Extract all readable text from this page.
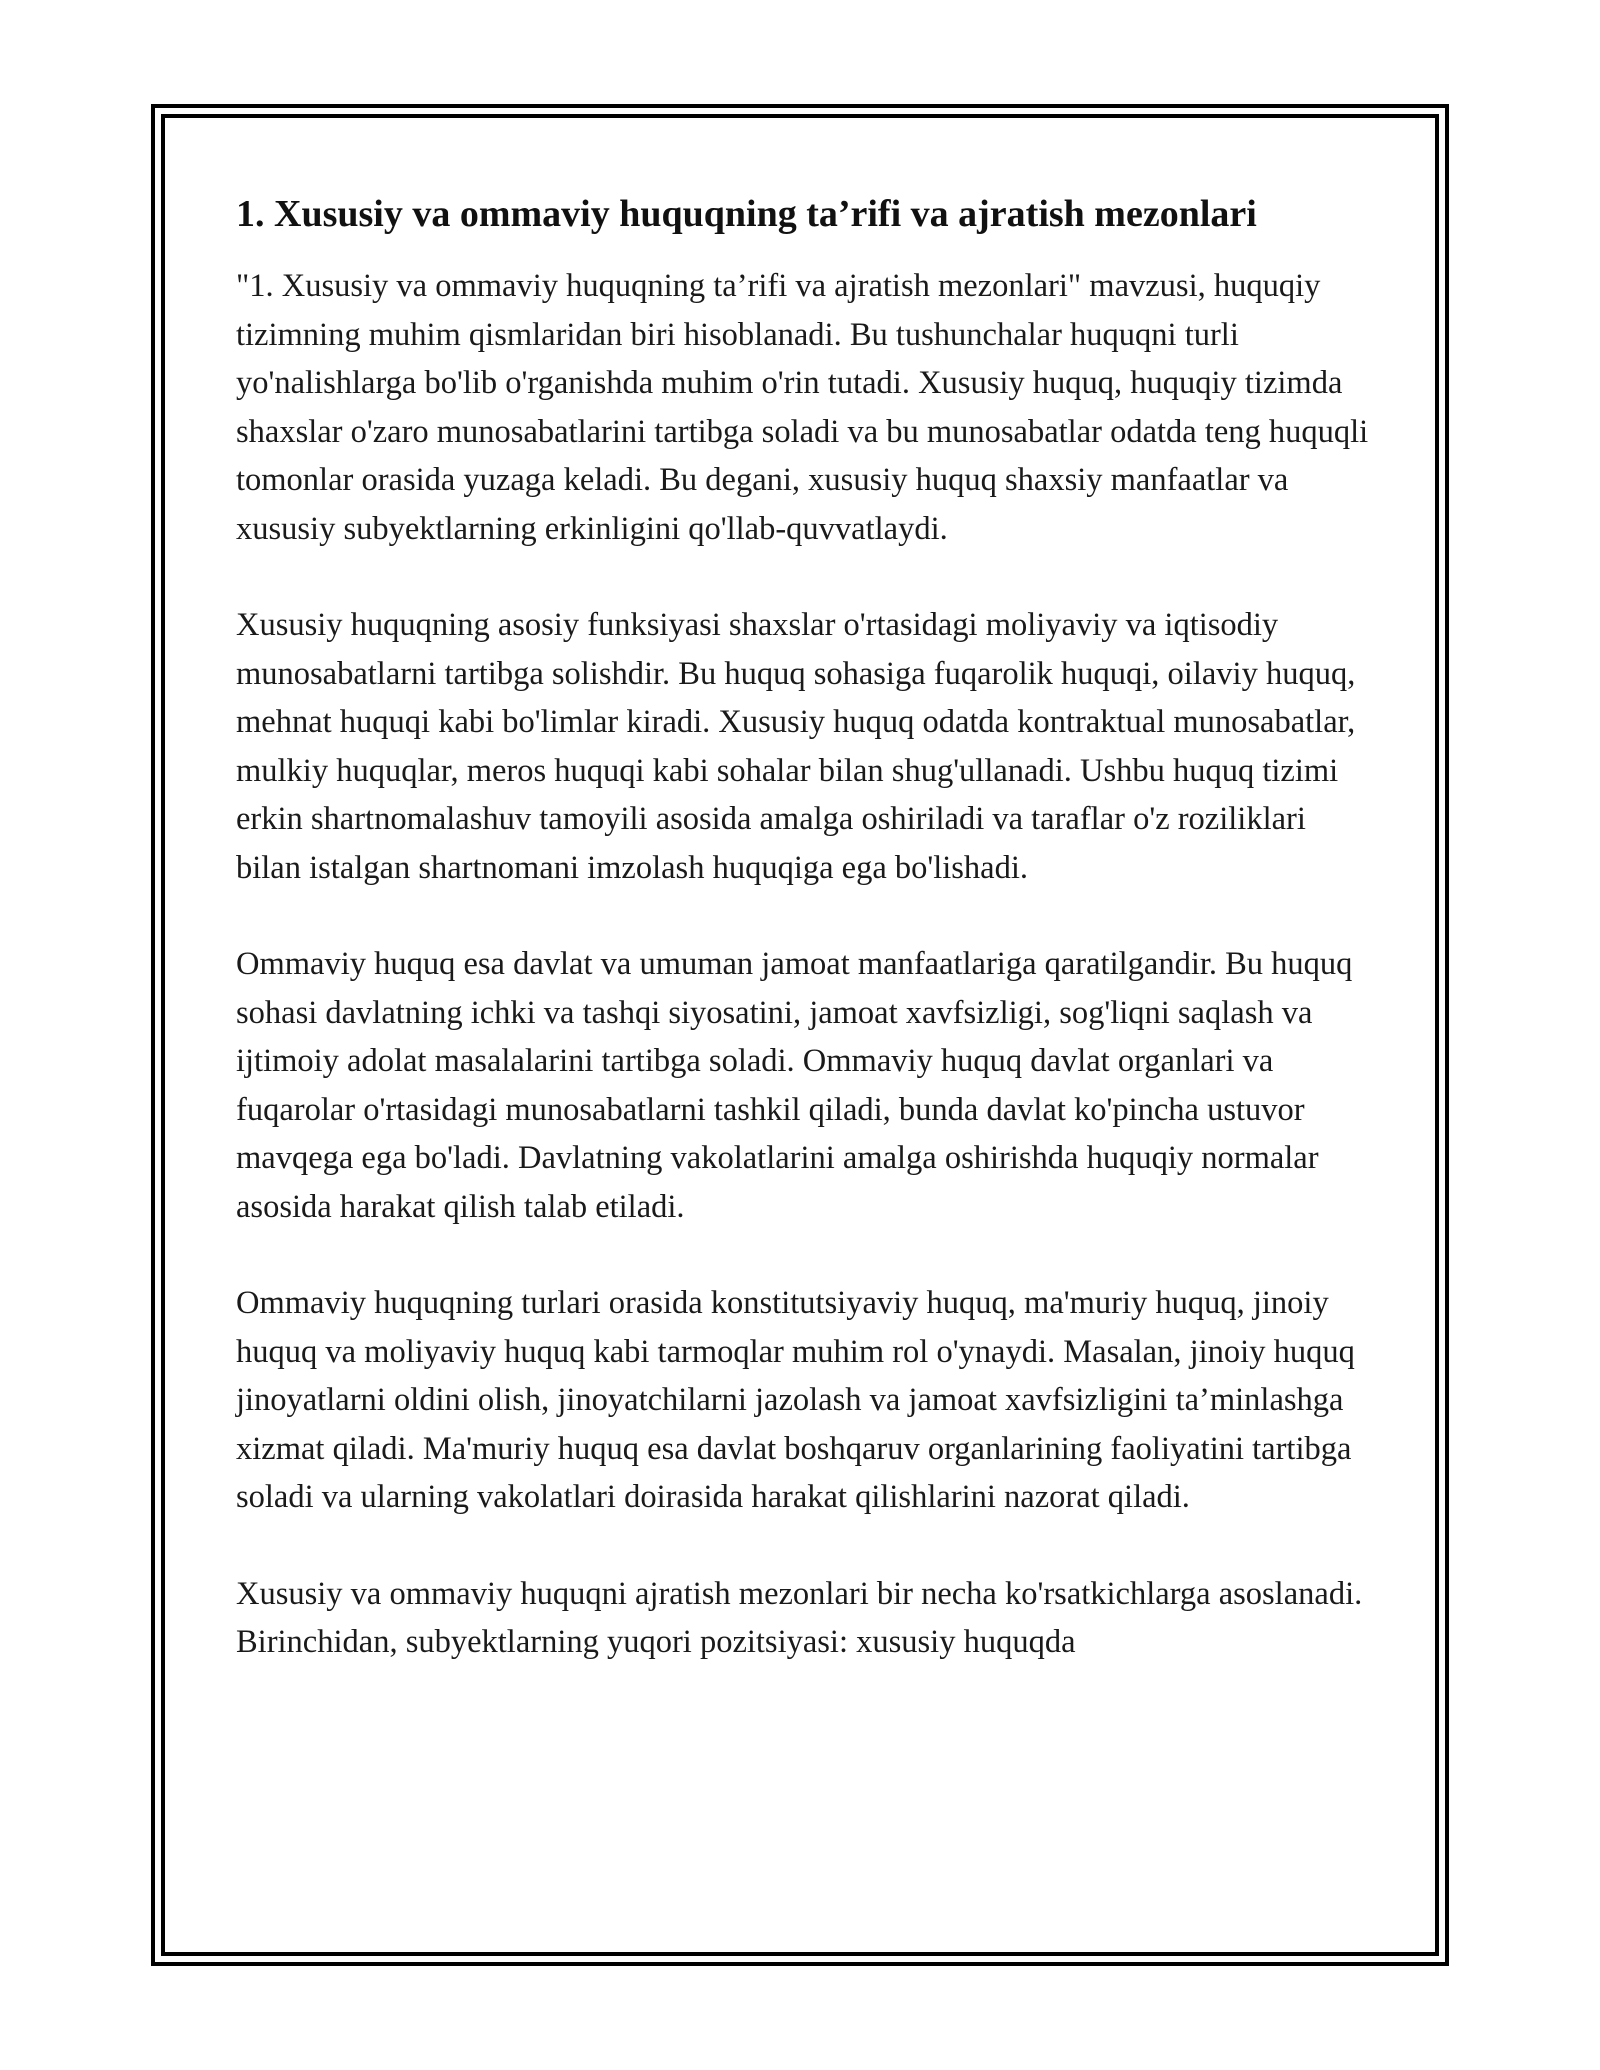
1. Xususiy va ommaviy huquqning ta’rifi va ajratish mezonlari

"1. Xususiy va ommaviy huquqning ta’rifi va ajratish mezonlari" mavzusi, huquqiy tizimning muhim qismlaridan biri hisoblanadi. Bu tushunchalar huquqni turli yo'nalishlarga bo'lib o'rganishda muhim o'rin tutadi. Xususiy huquq, huquqiy tizimda shaxslar o'zaro munosabatlarini tartibga soladi va bu munosabatlar odatda teng huquqli tomonlar orasida yuzaga keladi. Bu degani, xususiy huquq shaxsiy manfaatlar va xususiy subyektlarning erkinligini qo'llab-quvvatlaydi.

Xususiy huquqning asosiy funksiyasi shaxslar o'rtasidagi moliyaviy va iqtisodiy munosabatlarni tartibga solishdir. Bu huquq sohasiga fuqarolik huquqi, oilaviy huquq, mehnat huquqi kabi bo'limlar kiradi. Xususiy huquq odatda kontraktual munosabatlar, mulkiy huquqlar, meros huquqi kabi sohalar bilan shug'ullanadi. Ushbu huquq tizimi erkin shartnomalashuv tamoyili asosida amalga oshiriladi va taraflar o'z roziliklari bilan istalgan shartnomani imzolash huquqiga ega bo'lishadi.

Ommaviy huquq esa davlat va umuman jamoat manfaatlariga qaratilgandir. Bu huquq sohasi davlatning ichki va tashqi siyosatini, jamoat xavfsizligi, sog'liqni saqlash va ijtimoiy adolat masalalarini tartibga soladi. Ommaviy huquq davlat organlari va fuqarolar o'rtasidagi munosabatlarni tashkil qiladi, bunda davlat ko'pincha ustuvor mavqega ega bo'ladi. Davlatning vakolatlarini amalga oshirishda huquqiy normalar asosida harakat qilish talab etiladi.

Ommaviy huquqning turlari orasida konstitutsiyaviy huquq, ma'muriy huquq, jinoiy huquq va moliyaviy huquq kabi tarmoqlar muhim rol o'ynaydi. Masalan, jinoiy huquq jinoyatlarni oldini olish, jinoyatchilarni jazolash va jamoat xavfsizligini ta’minlashga xizmat qiladi. Ma'muriy huquq esa davlat boshqaruv organlarining faoliyatini tartibga soladi va ularning vakolatlari doirasida harakat qilishlarini nazorat qiladi.

Xususiy va ommaviy huquqni ajratish mezonlari bir necha ko'rsatkichlarga asoslanadi. Birinchidan, subyektlarning yuqori pozitsiyasi: xususiy huquqda
